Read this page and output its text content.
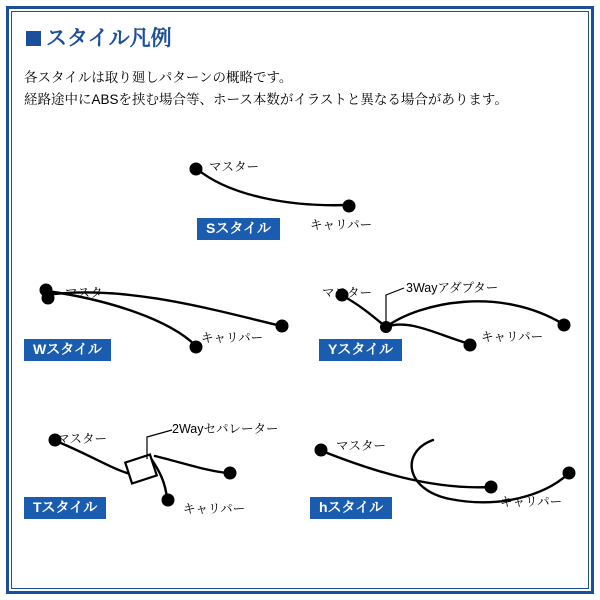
スタイル凡例
各スタイルは取り廻しパターンの概略です。
経路途中にABSを挟む場合等、ホース本数がイラストと異なる場合があります。
マスター
キャリパー
Sスタイル
マスター
キャリパー
Wスタイル
マスター	3Wayアダプター
キャリパー
Yスタイル
マスター
2Wayセパレーター
キャリパー
Tスタイル
マスター
キャリパー
hスタイル
